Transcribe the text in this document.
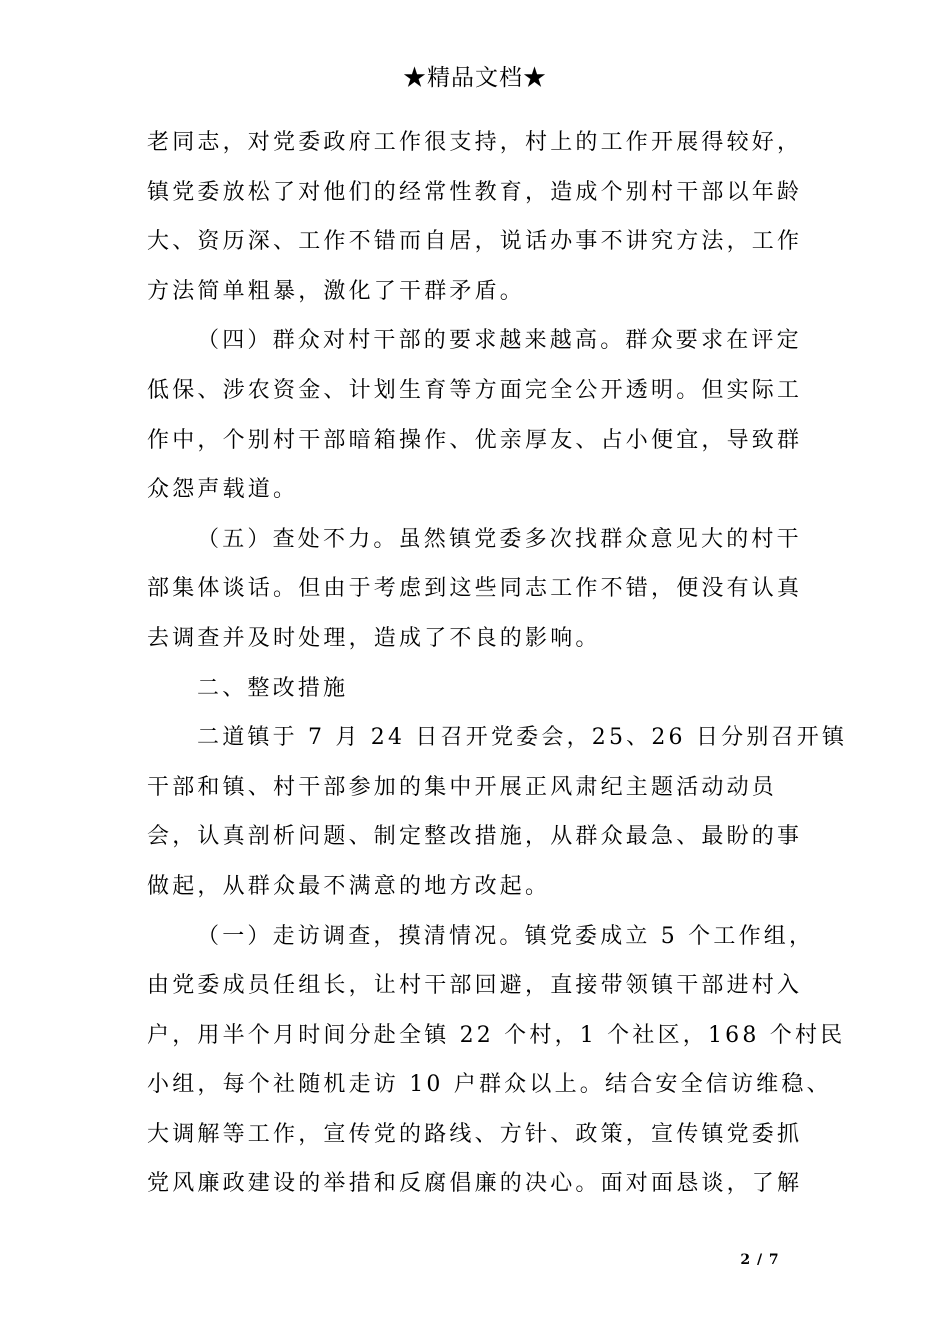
★精品文档★
老同志，对党委政府工作很支持，村上的工作开展得较好，
镇党委放松了对他们的经常性教育，造成个别村干部以年龄
大、资历深、工作不错而自居，说话办事不讲究方法，工作
方法简单粗暴，激化了干群矛盾。
（四）群众对村干部的要求越来越高。群众要求在评定
低保、涉农资金、计划生育等方面完全公开透明。但实际工
作中，个别村干部暗箱操作、优亲厚友、占小便宜，导致群
众怨声载道。
（五）查处不力。虽然镇党委多次找群众意见大的村干
部集体谈话。但由于考虑到这些同志工作不错，便没有认真
去调查并及时处理，造成了不良的影响。
二、整改措施
二道镇于 7 月 24 日召开党委会，25、26 日分别召开镇
干部和镇、村干部参加的集中开展正风肃纪主题活动动员
会，认真剖析问题、制定整改措施，从群众最急、最盼的事
做起，从群众最不满意的地方改起。
（一）走访调查，摸清情况。镇党委成立 5 个工作组，
由党委成员任组长，让村干部回避，直接带领镇干部进村入
户，用半个月时间分赴全镇 22 个村，1 个社区，168 个村民
小组，每个社随机走访 10 户群众以上。结合安全信访维稳、
大调解等工作，宣传党的路线、方针、政策，宣传镇党委抓
党风廉政建设的举措和反腐倡廉的决心。面对面恳谈，了解
2 / 7
